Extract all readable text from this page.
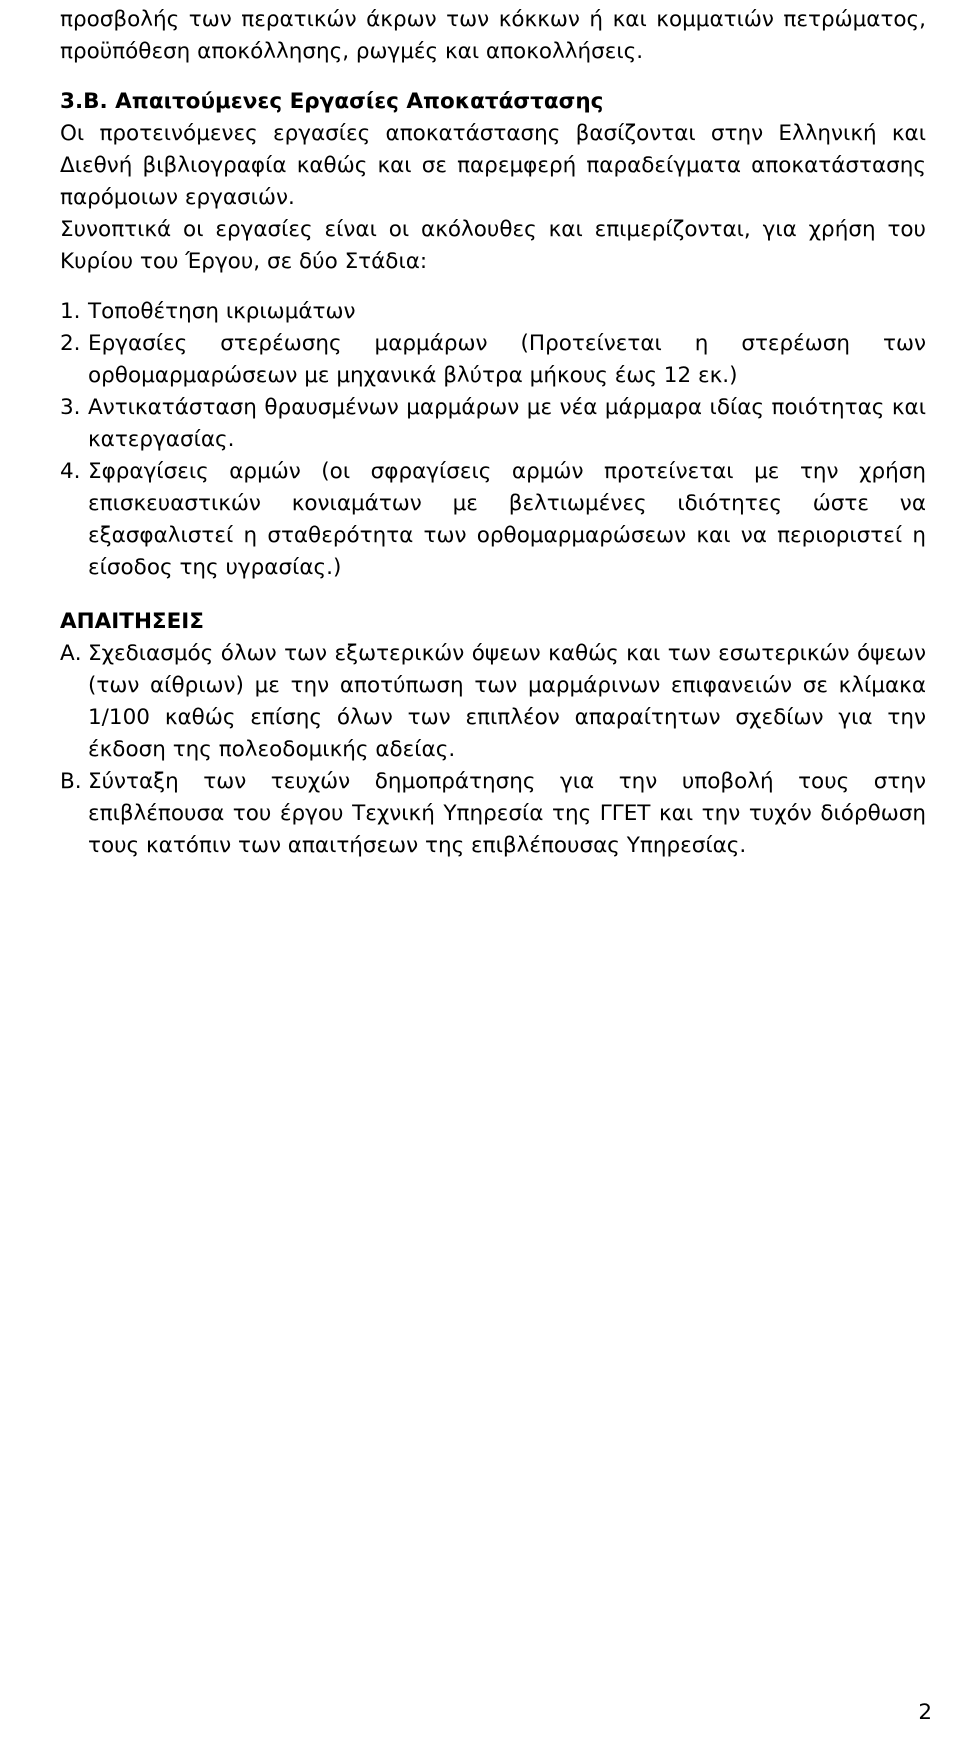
προσβολής των περατικών άκρων των κόκκων ή και κομματιών πετρώματος,
προϋπόθεση αποκόλλησης, ρωγμές και αποκολλήσεις.
3.Β. Απαιτούμενες Εργασίες Αποκατάστασης

Οι προτεινόμενες εργασίες αποκατάστασης βασίζονται στην Ελληνική και Διεθνή βιβλιογραφία καθώς και σε παρεμφερή παραδείγματα αποκατάστασης παρόμοιων εργασιών.

Συνοπτικά οι εργασίες είναι οι ακόλουθες και επιμερίζονται, για χρήση του Κυρίου του Έργου, σε δύο Στάδια:

1. Τοποθέτηση ικριωμάτων
2. Εργασίες στερέωσης μαρμάρων (Προτείνεται η στερέωση των ορθομαρμαρώσεων με μηχανικά βλύτρα μήκους έως 12 εκ.)
3. Αντικατάσταση θραυσμένων μαρμάρων με νέα μάρμαρα ιδίας ποιότητας και κατεργασίας.
4. Σφραγίσεις αρμών (οι σφραγίσεις αρμών προτείνεται με την χρήση επισκευαστικών κονιαμάτων με βελτιωμένες ιδιότητες ώστε να εξασφαλιστεί η σταθερότητα των ορθομαρμαρώσεων και να περιοριστεί η είσοδος της υγρασίας.)
ΑΠΑΙΤΗΣΕΙΣ
Α. Σχεδιασμός όλων των εξωτερικών όψεων καθώς και των εσωτερικών όψεων (των αίθριων) με την αποτύπωση των μαρμάρινων επιφανειών σε κλίμακα 1/100 καθώς επίσης όλων των επιπλέον απαραίτητων σχεδίων για την έκδοση της πολεοδομικής αδείας.
Β. Σύνταξη των τευχών δημοπράτησης για την υποβολή τους στην επιβλέπουσα του έργου Τεχνική Υπηρεσία της ΓΓΕΤ και την τυχόν διόρθωση τους κατόπιν των απαιτήσεων της επιβλέπουσας Υπηρεσίας.
2
